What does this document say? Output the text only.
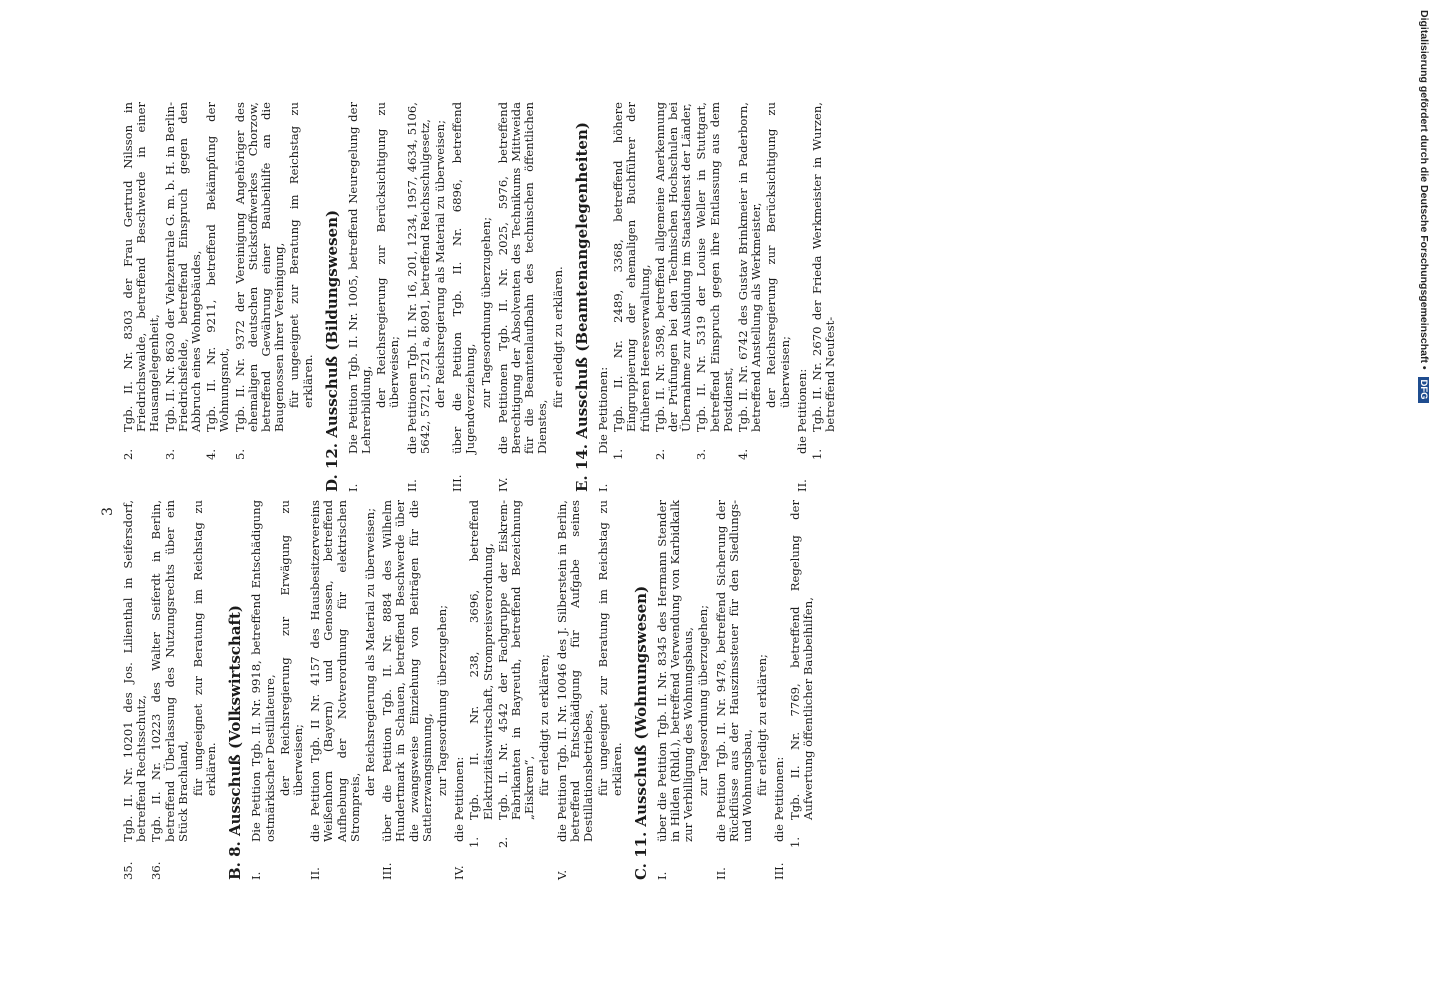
3
35.
Tgb. II. Nr. 10201 des Jos. Lilienthal in Seifersdorf, betreffend Rechtsschutz,
36.
Tgb. II. Nr. 10223 des Walter Seiferdt in Berlin, betreffend Überlassung des Nutzungsrechts über ein Stück Brachland, für ungeeignet zur Beratung im Reichstag zu erklären. B. 8. Ausschuß (Volkswirtschaft) I.
Die Petition Tgb. II. Nr. 9918, betreffend Entschädigung ostmärkischer Destillateure, der Reichsregierung zur Erwägung zu überweisen;
II.
die Petition Tgb. II Nr. 4157 des Hausbesitzervereins Weißenhorn (Bayern) und Genossen, betreffend Aufhebung der Notverordnung für elektrischen Strompreis,
der Reichsregierung als Material zu überweisen;
III.
über die Petition Tgb. II. Nr. 8884 des Wilhelm Hundertmark in Schauen, betreffend Beschwerde über die zwangsweise Einziehung von Beiträgen für die Sattlerzwangsinnung, zur Tagesordnung überzugehen;
IV.
die Petitionen:
1.
Tgb. II. Nr. 238, 3696, betreffend Elektrizitätswirtschaft, Strompreisverordnung,
2.
Tgb. II. Nr. 4542 der Fachgruppe der Eiskrem-Fabrikanten in Bayreuth, betreffend Bezeichnung „Eiskrem“, für erledigt zu erklären;
V.
die Petition Tgb. II. Nr. 10046 des J. Silberstein in Berlin, betreffend Entschädigung für Aufgabe seines Destillationsbetriebes, für ungeeignet zur Beratung im Reichstag zu erklären. C. 11. Ausschuß (Wohnungswesen) I.
über die Petition Tgb. II. Nr. 8345 des Hermann Stender in Hilden (Rhld.), betreffend Verwendung von Karbidkalk zur Verbilligung des Wohnungsbaus, zur Tagesordnung überzugehen;
II.
die Petition Tgb. II. Nr. 9478, betreffend Sicherung der Rückflüsse aus der Hauszinssteuer für den Siedlungs- und Wohnungsbau, für erledigt zu erklären;
III.
die Petitionen:
1.
Tgb. II. Nr. 7769, betreffend Regelung der Aufwertung öffentlicher Baubeihilfen,
2.
Tgb. II. Nr. 8303 der Frau Gertrud Nilsson in Friedrichswalde, betreffend Beschwerde in einer Hausangelegenheit,
3.
Tgb. II. Nr. 8630 der Viehzentrale G. m. b. H. in Berlin-Friedrichsfelde, betreffend Einspruch gegen den Abbruch eines Wohngebäudes,
4.
Tgb. II. Nr. 9211, betreffend Bekämpfung der Wohnungsnot,
5.
Tgb. II. Nr. 9372 der Vereinigung Angehöriger des ehemaligen deutschen Stickstoffwerkes Chorzow, betreffend Gewährung einer Baubeihilfe an die Baugenossen ihrer Vereinigung, für ungeeignet zur Beratung im Reichstag zu erklären. D. 12. Ausschuß (Bildungswesen) I.
Die Petition Tgb. II. Nr. 1005, betreffend Neuregelung der Lehrerbildung,
der Reichsregierung zur Berücksichtigung zu überweisen;
II.
die Petitionen Tgb. II. Nr. 16, 201, 1234, 1957, 4634, 5106, 5642, 5721, 5721 a, 8091, betreffend Reichsschulgesetz, der Reichsregierung als Material zu überweisen;
III.
über die Petition Tgb. II. Nr. 6896, betreffend Jugendverziehung, zur Tagesordnung überzugehen;
IV.
die Petitionen Tgb. II. Nr. 2025, 5976, betreffend Berechtigung der Absolventen des Technikums Mittweida für die Beamtenlaufbahn des technischen öffentlichen Dienstes,
für erledigt zu erklären. E. 14. Ausschuß (Beamtenangelegenheiten) I.
Die Petitionen:
1.
Tgb. II. Nr. 2489, 3368, betreffend höhere Eingruppierung der ehemaligen Buchführer der früheren Heeresverwaltung,
2.
Tgb. II. Nr. 3598, betreffend allgemeine Anerkennung der Prüfungen bei den Technischen Hochschulen bei Übernahme zur Ausbildung im Staatsdienst der Länder,
3.
Tgb. II. Nr. 5319 der Louise Weller in Stuttgart, betreffend Einspruch gegen ihre Entlassung aus dem Postdienst,
4.
Tgb. II. Nr. 6742 des Gustav Brinkmeier in Paderborn, betreffend Anstellung als Werkmeister, der Reichsregierung zur Berücksichtigung zu überweisen;
II.
die Petitionen:
1.
Tgb. II. Nr. 2670 der Frieda Werkmeister in Wurzen, betreffend Neufest-
Digitalisierung gefördert durch die Deutsche Forschungsgemeinschaft • DFG
